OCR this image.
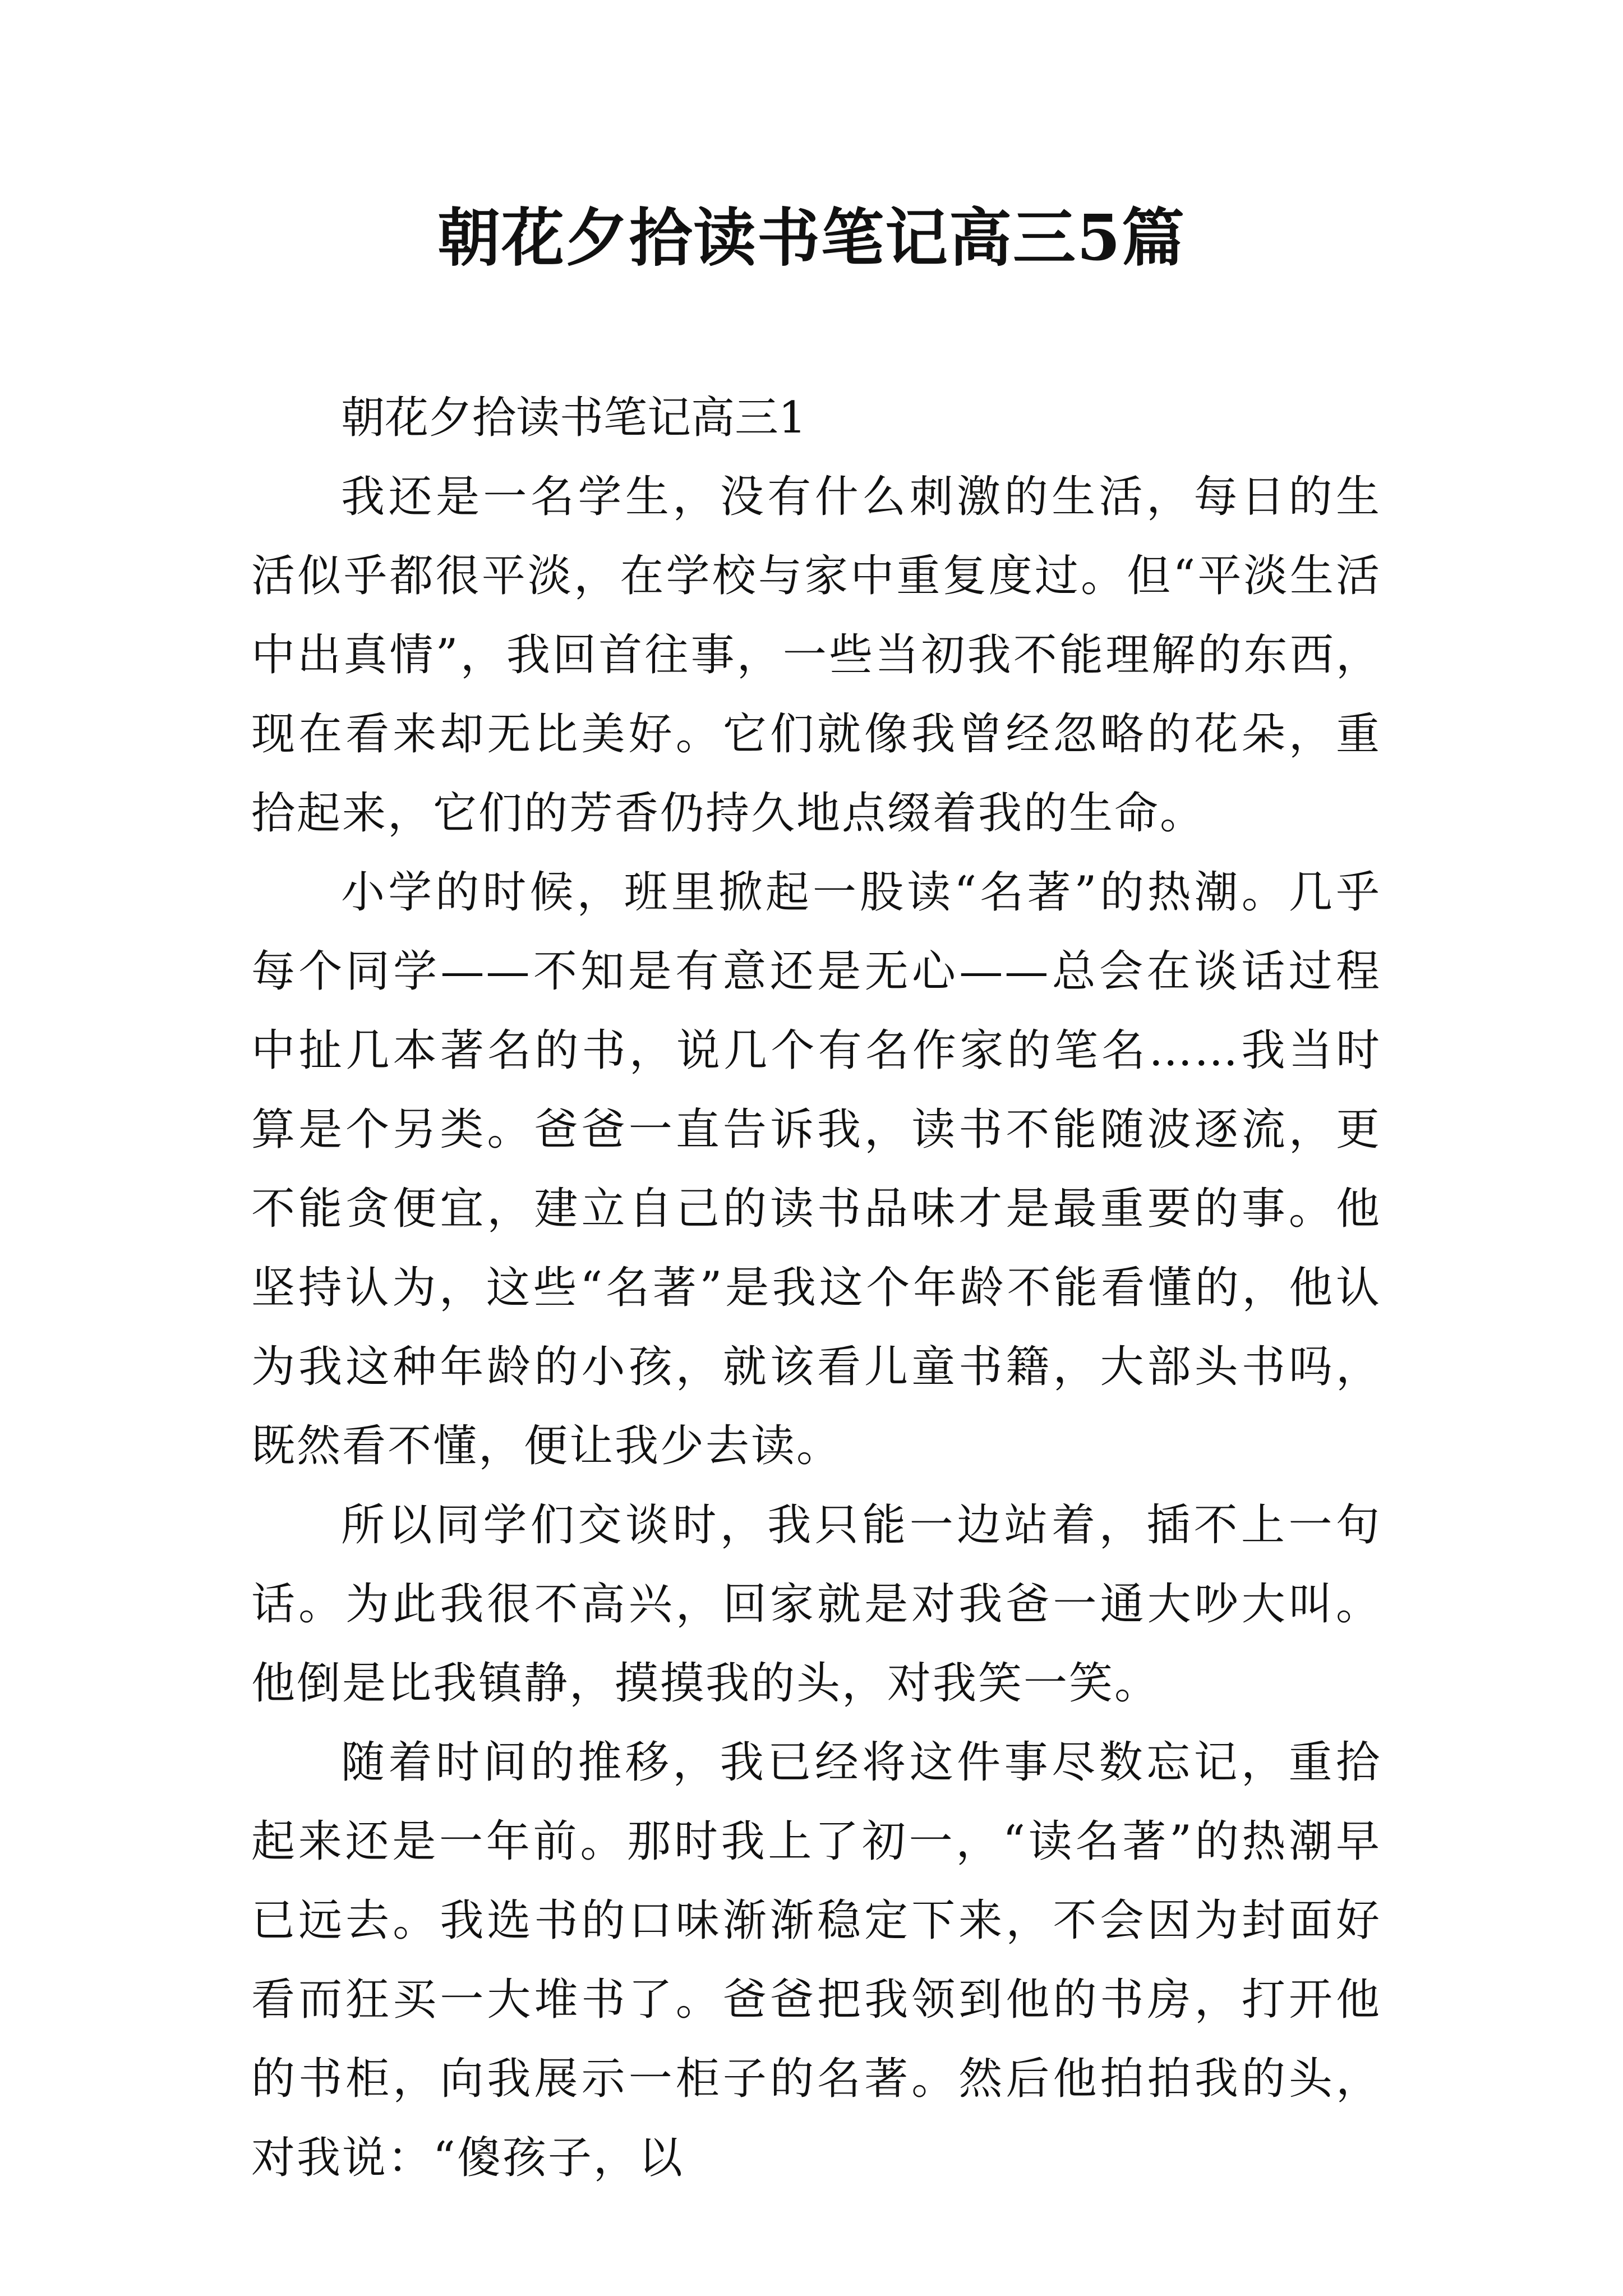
朝花夕拾读书笔记高三5篇

朝花夕拾读书笔记高三1

我还是一名学生，没有什么刺激的生活，每日的生活似乎都很平淡，在学校与家中重复度过。但“平淡生活中出真情”，我回首往事，一些当初我不能理解的东西，现在看来却无比美好。它们就像我曾经忽略的花朵，重拾起来，它们的芳香仍持久地点缀着我的生命。

小学的时候，班里掀起一股读“名著”的热潮。几乎每个同学——不知是有意还是无心——总会在谈话过程中扯几本著名的书，说几个有名作家的笔名……我当时算是个另类。爸爸一直告诉我，读书不能随波逐流，更不能贪便宜，建立自己的读书品味才是最重要的事。他坚持认为，这些“名著”是我这个年龄不能看懂的，他认为我这种年龄的小孩，就该看儿童书籍，大部头书吗，既然看不懂，便让我少去读。

所以同学们交谈时，我只能一边站着，插不上一句话。为此我很不高兴，回家就是对我爸一通大吵大叫。他倒是比我镇静，摸摸我的头，对我笑一笑。

随着时间的推移，我已经将这件事尽数忘记，重拾起来还是一年前。那时我上了初一，“读名著”的热潮早已远去。我选书的口味渐渐稳定下来，不会因为封面好看而狂买一大堆书了。爸爸把我领到他的书房，打开他的书柜，向我展示一柜子的名著。然后他拍拍我的头，对我说：“傻孩子，以
